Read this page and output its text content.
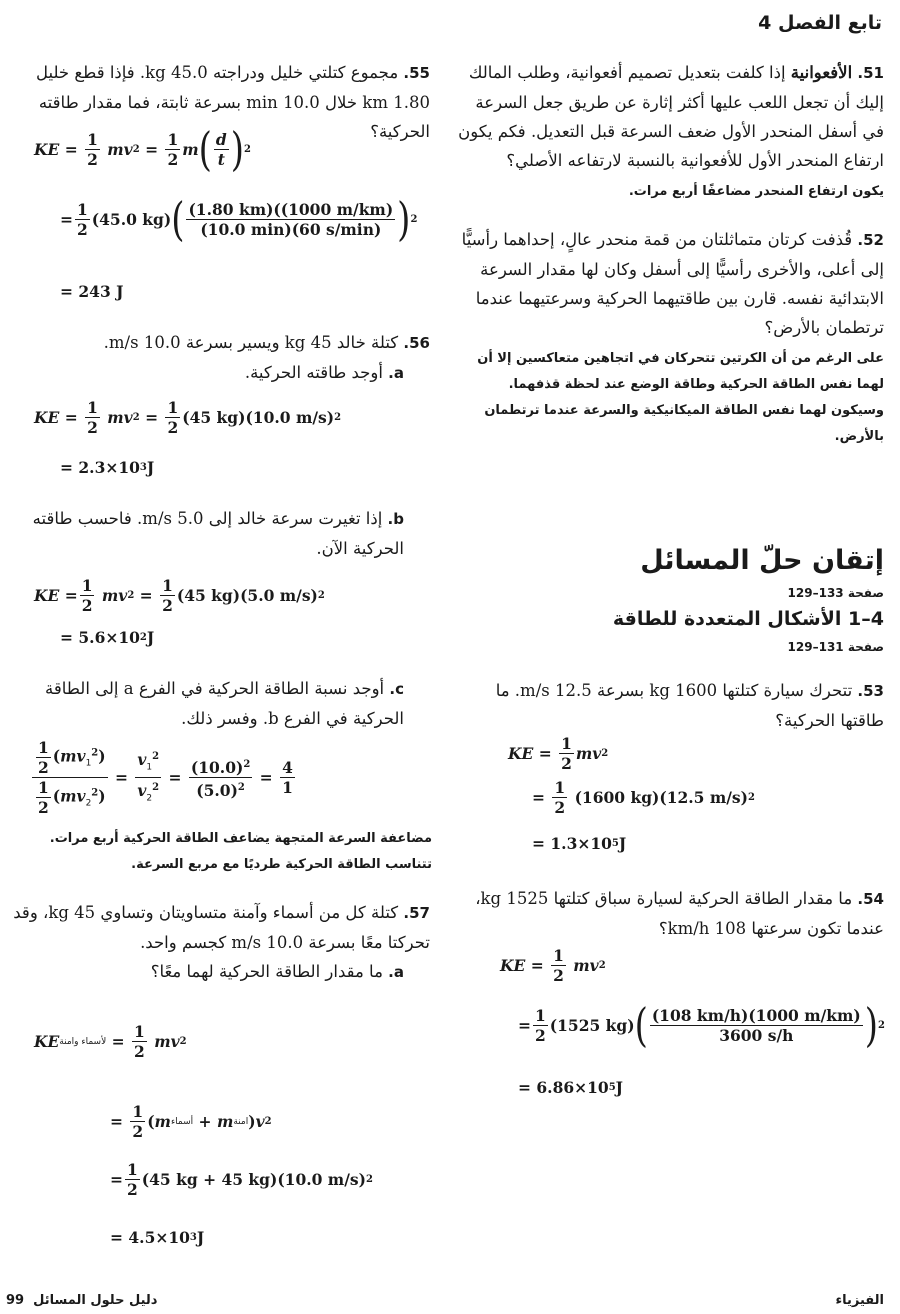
تابع الفصل 4

51. الأفعوانية إذا كلفت بتعديل تصميم أفعوانية، وطلب المالك إليك أن تجعل اللعب عليها أكثر إثارة عن طريق جعل السرعة في أسفل المنحدر الأول ضعف السرعة قبل التعديل. فكم يكون ارتفاع المنحدر الأول للأفعوانية بالنسبة لارتفاعه الأصلي؟

يكون ارتفاع المنحدر مضاعفًا أربع مرات.

52. قُذفت كرتان متماثلتان من قمة منحدر عالٍ، إحداهما رأسيًّا إلى أعلى، والأخرى رأسيًّا إلى أسفل وكان لها مقدار السرعة الابتدائية نفسه. قارن بين طاقتيهما الحركية وسرعتيهما عندما ترتطمان بالأرض؟

على الرغم من أن الكرتين تتحركان في اتجاهين متعاكسين إلا أن لهما نفس الطاقة الحركية وطاقة الوضع عند لحظة قذفهما. وسيكون لهما نفس الطاقة الميكانيكية والسرعة عندما ترتطمان بالأرض.

إتقان حلّ المسائل
صفحة 133–129
4–1 الأشكال المتعددة للطاقة
صفحة 131–129

53. تتحرك سيارة كتلتها 1600 kg بسرعة 12.5 m/s. ما طاقتها الحركية؟

KE = $\frac{1}{2}$ mv 2
= $\frac{1}{2}$
(1600 kg)(12.5 m/s) 2
= 1.3×10 5 J

54. ما مقدار الطاقة الحركية لسيارة سباق كتلتها 1525 kg، عندما تكون سرعتها 108 km/h؟

KE = $\frac{1}{2}$
mv 2
= $\frac{1}{2} (1525$ kg) ( $\frac{(108 km/h)(1000 m/km)}{3600 s/h}$ ) 2
= 6.86×10 5 J

55. مجموع كتلتي خليل ودراجته 45.0 kg. فإذا قطع خليل 1.80 km خلال 10.0 min بسرعة ثابتة، فما مقدار طاقته الحركية؟

KE = $\frac{1}{2}$
mv $2 = \frac{1}{2}$ m ( $\frac{d}{t}$ ) 2
= $\frac{1}{2} (45.0$ kg) ( $\frac{(1.80 km)((1000 m/km)}{(10.0 \min)(60 s/\min)}$ ) 2
= 243 J

56. كتلة خالد 45 kg ويسير بسرعة 10.0 m/s.

a. أوجد طاقته الحركية.

KE = $\frac{1}{2}$
mv $2 = \frac{1}{2} (45$ kg)(10.0 m/s) 2
= 2.3×10 3 J

b. إذا تغيرت سرعة خالد إلى 5.0 m/s. فاحسب طاقته الحركية الآن.

KE = $\frac{1}{2}$
mv $2 = \frac{1}{2} (45$ kg)(5.0 m/s) 2
= 5.6×10 2 J

c. أوجد نسبة الطاقة الحركية في الفرع a إلى الطاقة الحركية في الفرع b. وفسر ذلك.

$\frac{\frac{1}{2} (mv_1^2)}{\frac{1}{2} (mv_2^2)} = \frac{v_1^2}{v_2^2} = \frac{(10.0)^2}{(5.0)^2} = \frac{4}{1}$

مضاعفة السرعة المتجهة يضاعف الطاقة الحركية أربع مرات. تتناسب الطاقة الحركية طرديًا مع مربع السرعة.

57. كتلة كل من أسماء وآمنة متساويتان وتساوي 45 kg، وقد تحركتا معًا بسرعة 10.0 m/s كجسم واحد.

a. ما مقدار الطاقة الحركية لهما معًا؟

KE لأسماء وامنة = $\frac{1}{2}$
mv 2
= $\frac{1}{2}$ ( m أسماء + m امنة ) v 2
= $\frac{1}{2} (45$ kg + 45 kg)(10.0 m/s) 2
= 4.5×10 3 J
99 دليل حلول المسائل	الفيزياء
